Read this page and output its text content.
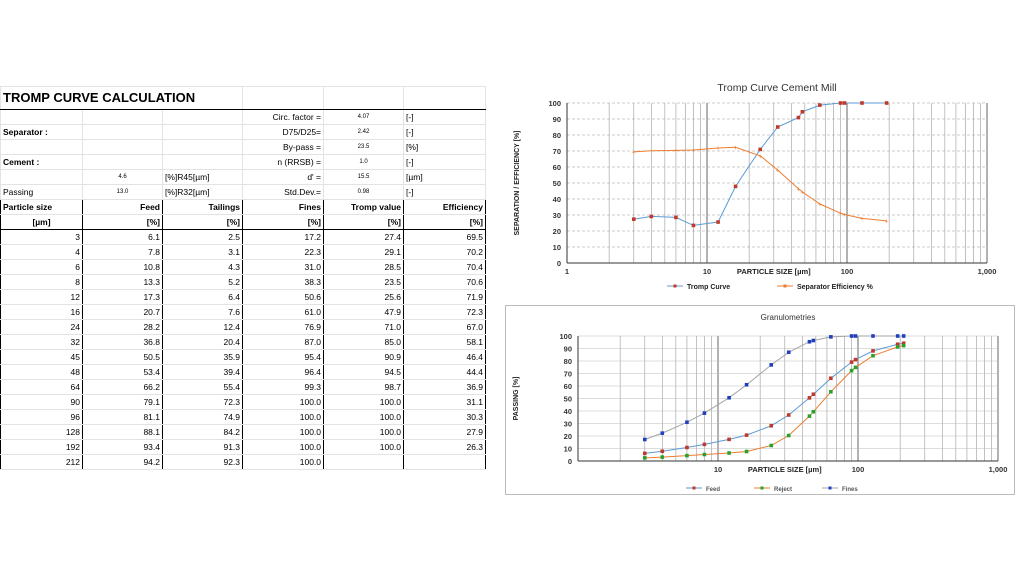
TROMP CURVE CALCULATION					
			Circ. factor =	4.07	[-]
Separator :			D75/D25=	2.42	[-]
			By-pass =	23.5	[%]
Cement :			n (RRSB) =	1.0	[-]
	4.6	[%]R45[µm]	d' =	15.5	[µm]
Passing	13.0	[%]R32[µm]	Std.Dev.=	0.98	[-]
Particle size	Feed	Tailings	Fines	Tromp value	Efficiency
[µm]	[%]	[%]	[%]	[%]	[%]
3	6.1	2.5	17.2	27.4	69.5
4	7.8	3.1	22.3	29.1	70.2
6	10.8	4.3	31.0	28.5	70.4
8	13.3	5.2	38.3	23.5	70.6
12	17.3	6.4	50.6	25.6	71.9
16	20.7	7.6	61.0	47.9	72.3
24	28.2	12.4	76.9	71.0	67.0
32	36.8	20.4	87.0	85.0	58.1
45	50.5	35.9	95.4	90.9	46.4
48	53.4	39.4	96.4	94.5	44.4
64	66.2	55.4	99.3	98.7	36.9
90	79.1	72.3	100.0	100.0	31.1
96	81.1	74.9	100.0	100.0	30.3
128	88.1	84.2	100.0	100.0	27.9
192	93.4	91.3	100.0	100.0	26.3
212	94.2	92.3	100.0		
Tromp Curve Cement Mill
0
10
20
30
40
50
60
70
80
90
100
1	10	100	1,000
PARTICLE SIZE [µm]
SEPARATION / EFFICIENCY [%]	+ +	+ +	+ +
+
+
+ +
+
+ +
+	+
Tromp Curve	Separator Efficiency %
Granulometries
0
10
20
30
40
50
60
70
80
90
100
10	100	1,000
PARTICLE SIZE [µm]
PASSING [%]
Feed	Reject	Fines
